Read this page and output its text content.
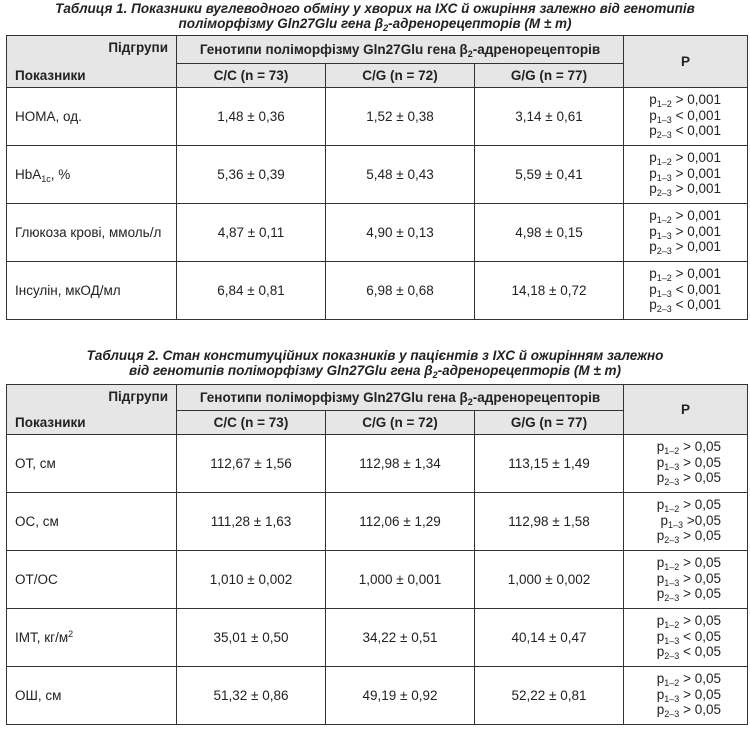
Таблиця 1. Показники вуглеводного обміну у хворих на ІХС й ожиріння залежно від генотипів
поліморфізму Gln27Glu гена $\beta_2$-адренорецепторів (M ± m)
Підгрупи
Показники	Генотипи поліморфізму Gln27Glu гена $\beta_2$-адренорецепторів			P
	С/С (n = 73)	С/G (n = 72)	G/G (n = 77)	
НОМА, од.	1,48 ± 0,36	1,52 ± 0,38	3,14 ± 0,61	$p_{1-2} > 0,001$
$p_{1-3} < 0,001$
$p_{2-3} < 0,001$

HbA$_{1c}$, %	5,36 ± 0,39	5,48 ± 0,43	5,59 ± 0,41	$p_{1-2} > 0,001$
$p_{1-3} > 0,001$
$p_{2-3} > 0,001$

Глюкоза крові, ммоль/л	4,87 ± 0,11	4,90 ± 0,13	4,98 ± 0,15	$p_{1-2} > 0,001$
$p_{1-3} > 0,001$
$p_{2-3} > 0,001$

Інсулін, мкОД/мл	6,84 ± 0,81	6,98 ± 0,68	14,18 ± 0,72	$p_{1-2} > 0,001$
$p_{1-3} < 0,001$
$p_{2-3} < 0,001$
Таблиця 2. Стан конституційних показників у пацієнтів з ІХС й ожирінням залежно
від генотипів поліморфізму Gln27Glu гена $\beta_2$-адренорецепторів (M ± m)
Підгрупи
Показники	Генотипи поліморфізму Gln27Glu гена $\beta_2$-адренорецепторів			P
	С/С (n = 73)	С/G (n = 72)	G/G (n = 77)	
ОТ, см	112,67 ± 1,56	112,98 ± 1,34	113,15 ± 1,49	$p_{1-2} > 0,05$
$p_{1-3} > 0,05$
$p_{2-3} > 0,05$

ОС, см	111,28 ± 1,63	112,06 ± 1,29	112,98 ± 1,58	$p_{1-2} > 0,05$
$p_{1-3} >0,05$
$p_{2-3} > 0,05$

ОТ/ОС	1,010 ± 0,002	1,000 ± 0,001	1,000 ± 0,002	$p_{1-2} > 0,05$
$p_{1-3} > 0,05$
$p_{2-3} > 0,05$

ІМТ, $кг/м^2$	35,01 ± 0,50	34,22 ± 0,51	40,14 ± 0,47	$p_{1-2} > 0,05$
$p_{1-3} < 0,05$
$p_{2-3} < 0,05$

ОШ, см	51,32 ± 0,86	49,19 ± 0,92	52,22 ± 0,81	$p_{1-2} > 0,05$
$p_{1-3} > 0,05$
$p_{2-3} > 0,05$
